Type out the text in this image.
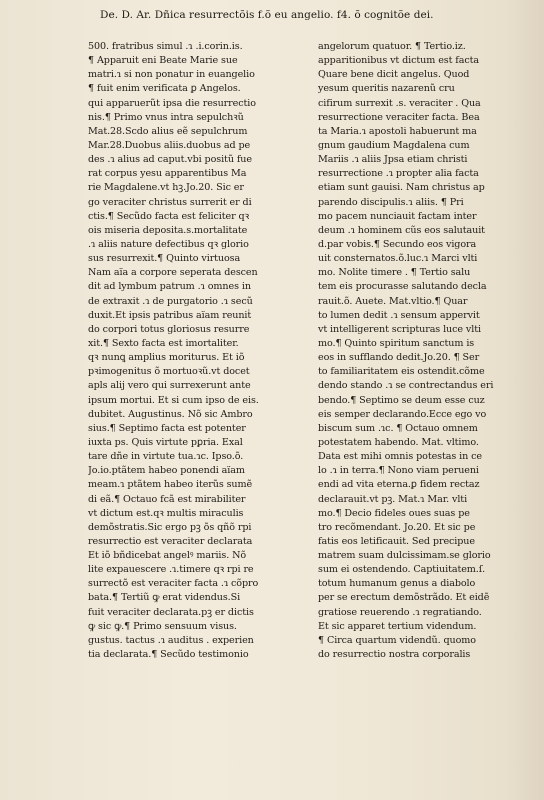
De. D. Ar. Dñica resurrectõis f.õ eu angelio. f4. õ cognitõe dei.
500. fratribus simul .ɿ .i.corin.is.
¶ Apparuit eni Beate Marie sue
matri.ɿ si non ponatur in euangelio
¶ fuit enim verificata ꝑ Angelos.
qui apparuerũt ipsa die resurrectio
nis.¶ Primo vnus intra sepulchꝛũ
Mat.28.Scdo alius eẽ sepulchrum
Mar.28.Duobus aliis.duobus ad pe
des .ɿ alius ad caput.vbi positũ fue
rat corpus yesu apparentibus Ma
rie Magdalene.vt hꝫ.Jo.20. Sic er
go veraciter christus surrerit er di
ctis.¶ Secũdo facta est feliciter qꝛ
ois miseria deposita.s.mortalitate
.ɿ aliis nature defectibus qꝛ glorio
sus resurrexit.¶ Quinto virtuosa
Nam aïa a corpore seperata descen
dit ad lymbum patrum .ɿ omnes in
de extraxit .ɿ de purgatorio .ɿ secũ
duxit.Et ipsis patribus aïam reuniṫ
do corpori totus gloriosus resurre
xit.¶ Sexto facta est imortaliter.
qꝛ nunꝗ amplius moriturus. Et iõ
pꝛimogenitus õ mortuoꝛũ.vt docet
apls alij vero qui surrexerunt ante
ipsum mortui. Et si cum ipso de eis.
dubitet. Augustinus. Nõ sic Ambro
sius.¶ Septimo facta est potenter
iuxta ps. Quis virtute pꝑria. Exal
tare dñe in virtute tua.ɿc. Ipso.õ.
Jo.io.ptãtem habeo ponendi aïam
meam.ɿ ptãtem habeo iterũs sumẽ
di eã.¶ Octauo fcã est mirabiliter
vt dictum est.qꝛ multis miraculis
demõstratis.Sic ergo pꝫ õs qñõ rpi
resurrectio est veraciter declarata
Et iõ bñdicebat angelꝰ mariis. Nõ
lite expauescere .ɿ.timere qꝛ rpi re
surrectõ est veraciter facta .ɿ cõpro
bata.¶ Tertiũ ꝙ erat videndus.Si
fuit veraciter declarata.pꝫ er dictis
ꝙ sic ꝙ.¶ Primo sensuum visus.
gustus. tactus .ɿ auditus . experien
tia declarata.¶ Secũdo testimonio
angelorum quatuor. ¶ Tertio.iz.
apparitionibus vt dictum est facta
Quare bene dicit angelus. Quod
yesum queritis nazarenũ cru
cifirum surrexit .s. veraciter . Qua
resurrectione veraciter facta. Bea
ta Maria.ɿ apostoli habuerunt ma
gnum gaudium Magdalena cum
Mariis .ɿ aliis Jpsa etiam christi
resurrectione .ɿ propter alia facta
etiam sunt gauisi. Nam christus ap
parendo discipulis.ɿ aliis. ¶ Pri
mo pacem nunciauit factam inter
deum .ɿ hominem cũs eos salutauit
d.par vobis.¶ Secundo eos vigora
uit consternatos.õ.luc.ɿ Marci vlti
mo. Nolite timere . ¶ Tertio salu
tem eis procurasse salutando decla
rauit.õ. Auete. Mat.vltio.¶ Quar
to lumen dedit .ɿ sensum appervit
vt intelligerent scripturas luce vlti
mo.¶ Quinto spiritum sanctum is
eos in sufflando dedit.Jo.20. ¶ Ser
to familiaritatem eis ostendit.cõme
dendo stando .ɿ se contrectandus eri
bendo.¶ Septimo se deum esse cuz
eis semper declarando.Ecce ego vo
biscum sum .ɿc. ¶ Octauo omnem
potestatem habendo. Mat. vltimo.
Data est mihi omnis potestas in ce
lo .ɿ in terra.¶ Nono viam perueni
endi ad vita eterna.ꝑ fidem rectaz
declarauit.vt pꝫ. Mat.ɿ Mar. vlti
mo.¶ Decio fideles oues suas pe
tro recõmendant. Jo.20. Et sic pe
fatis eos letificauit. Sed precipue
matrem suam dulcissimam.se glorio
sum ei ostendendo. Captiuitatem.ſ.
totum humanum genus a diabolo
per se erectum demõstrãdo. Et eidẽ
gratiose reuerendo .ɿ regratiando.
Et sic apparet tertium videndum.
¶ Circa quartum videndũ. quomo
do resurrectio nostra corporalis
